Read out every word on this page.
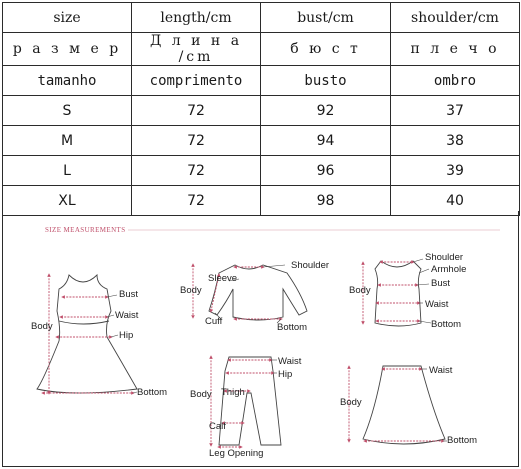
size	length/cm	bust/cm	shoulder/cm
р а з м е р	Д л и н а /cm	б ю с т	п л е ч о
tamanho	comprimento	busto	ombro
S	72	92	37
M	72	94	38
L	72	96	39
XL	72	98	40
SIZE MEASUREMENTS
Bust
Waist
Hip
Body
Bottom
Sleeve
Shoulder
Body
Cuff
Bottom
Shoulder
Armhole
Bust
Body
Waist
Bottom
Waist
Hip
Body Thigh
Calf
Leg Opening
Waist
Body
Bottom
